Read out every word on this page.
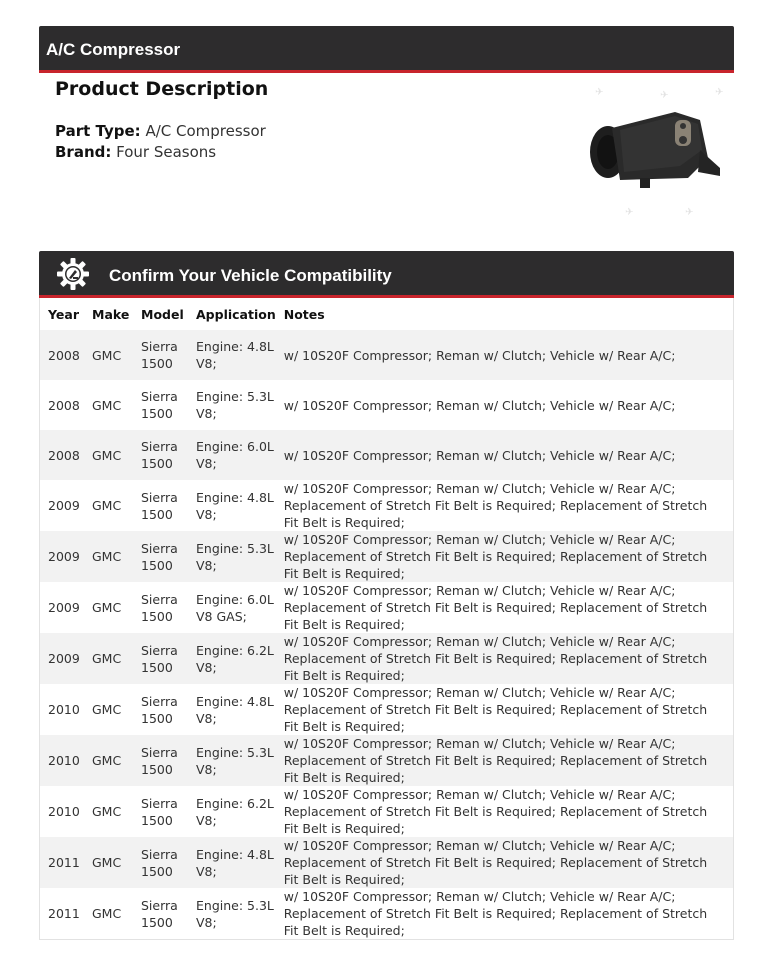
A/C Compressor
Product Description
Part Type: A/C Compressor
Brand: Four Seasons
✈	✈	✈
✈	✈
Confirm Your Vehicle Compatibility
Year	Make	Model	Application	Notes
2008	GMC	Sierra 1500	Engine: 4.8L V8;	w/ 10S20F Compressor; Reman w/ Clutch; Vehicle w/ Rear A/C;
2008	GMC	Sierra 1500	Engine: 5.3L V8;	w/ 10S20F Compressor; Reman w/ Clutch; Vehicle w/ Rear A/C;
2008	GMC	Sierra 1500	Engine: 6.0L V8;	w/ 10S20F Compressor; Reman w/ Clutch; Vehicle w/ Rear A/C;
2009	GMC	Sierra 1500	Engine: 4.8L V8;	w/ 10S20F Compressor; Reman w/ Clutch; Vehicle w/ Rear A/C; Replacement of Stretch Fit Belt is Required; Replacement of Stretch Fit Belt is Required;
2009	GMC	Sierra 1500	Engine: 5.3L V8;	w/ 10S20F Compressor; Reman w/ Clutch; Vehicle w/ Rear A/C; Replacement of Stretch Fit Belt is Required; Replacement of Stretch Fit Belt is Required;
2009	GMC	Sierra 1500	Engine: 6.0L V8 GAS;	w/ 10S20F Compressor; Reman w/ Clutch; Vehicle w/ Rear A/C; Replacement of Stretch Fit Belt is Required; Replacement of Stretch Fit Belt is Required;
2009	GMC	Sierra 1500	Engine: 6.2L V8;	w/ 10S20F Compressor; Reman w/ Clutch; Vehicle w/ Rear A/C; Replacement of Stretch Fit Belt is Required; Replacement of Stretch Fit Belt is Required;
2010	GMC	Sierra 1500	Engine: 4.8L V8;	w/ 10S20F Compressor; Reman w/ Clutch; Vehicle w/ Rear A/C; Replacement of Stretch Fit Belt is Required; Replacement of Stretch Fit Belt is Required;
2010	GMC	Sierra 1500	Engine: 5.3L V8;	w/ 10S20F Compressor; Reman w/ Clutch; Vehicle w/ Rear A/C; Replacement of Stretch Fit Belt is Required; Replacement of Stretch Fit Belt is Required;
2010	GMC	Sierra 1500	Engine: 6.2L V8;	w/ 10S20F Compressor; Reman w/ Clutch; Vehicle w/ Rear A/C; Replacement of Stretch Fit Belt is Required; Replacement of Stretch Fit Belt is Required;
2011	GMC	Sierra 1500	Engine: 4.8L V8;	w/ 10S20F Compressor; Reman w/ Clutch; Vehicle w/ Rear A/C; Replacement of Stretch Fit Belt is Required; Replacement of Stretch Fit Belt is Required;
2011	GMC	Sierra 1500	Engine: 5.3L V8;	w/ 10S20F Compressor; Reman w/ Clutch; Vehicle w/ Rear A/C; Replacement of Stretch Fit Belt is Required; Replacement of Stretch Fit Belt is Required;
